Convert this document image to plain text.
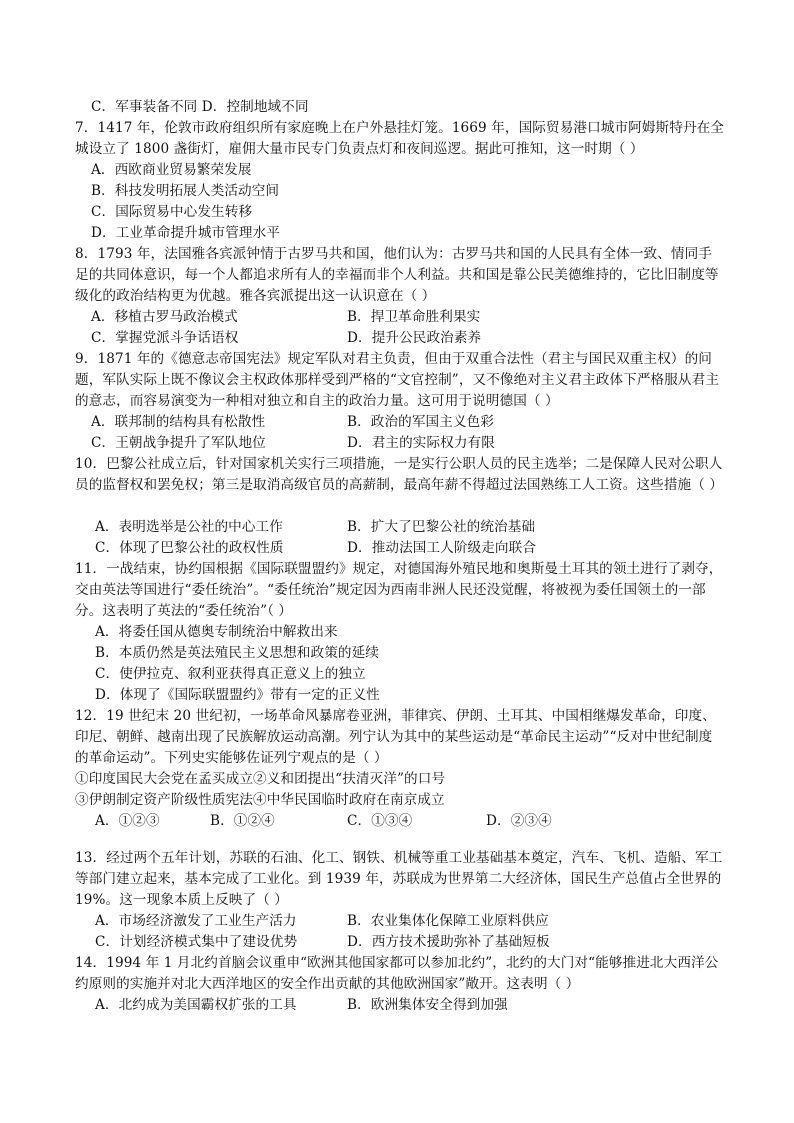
C．军事装备不同 D．控制地域不同
7．1417 年，伦敦市政府组织所有家庭晚上在户外悬挂灯笼。1669 年，国际贸易港口城市阿姆斯特丹在全城设立了 1800 盏街灯，雇佣大量市民专门负责点灯和夜间巡逻。据此可推知，这一时期（ ）
A．西欧商业贸易繁荣发展
B．科技发明拓展人类活动空间
C．国际贸易中心发生转移
D．工业革命提升城市管理水平
8．1793 年，法国雅各宾派钟情于古罗马共和国，他们认为：古罗马共和国的人民具有全体一致、情同手足的共同体意识，每一个人都追求所有人的幸福而非个人利益。共和国是靠公民美德维持的，它比旧制度等级化的政治结构更为优越。雅各宾派提出这一认识意在（ ）
A．移植古罗马政治模式	B．捍卫革命胜利果实
C．掌握党派斗争话语权	D．提升公民政治素养
9．1871 年的《德意志帝国宪法》规定军队对君主负责，但由于双重合法性（君主与国民双重主权）的问题，军队实际上既不像议会主权政体那样受到严格的“文官控制”，又不像绝对主义君主政体下严格服从君主的意志，而容易演变为一种相对独立和自主的政治力量。这可用于说明德国（ ）
A．联邦制的结构具有松散性	B．政治的军国主义色彩
C．王朝战争提升了军队地位	D．君主的实际权力有限
10．巴黎公社成立后，针对国家机关实行三项措施，一是实行公职人员的民主选举；二是保障人民对公职人员的监督权和罢免权；第三是取消高级官员的高薪制，最高年薪不得超过法国熟练工人工资。这些措施（ ）
A．表明选举是公社的中心工作	B．扩大了巴黎公社的统治基础
C．体现了巴黎公社的政权性质	D．推动法国工人阶级走向联合
11．一战结束，协约国根据《国际联盟盟约》规定，对德国海外殖民地和奥斯曼土耳其的领土进行了剥夺，交由英法等国进行“委任统治”。“委任统治”规定因为西南非洲人民还没觉醒，将被视为委任国领土的一部分。这表明了英法的“委任统治”（ ）
A．将委任国从德奥专制统治中解救出来
B．本质仍然是英法殖民主义思想和政策的延续
C．使伊拉克、叙利亚获得真正意义上的独立
D．体现了《国际联盟盟约》带有一定的正义性
12．19 世纪末 20 世纪初，一场革命风暴席卷亚洲，菲律宾、伊朗、土耳其、中国相继爆发革命，印度、印尼、朝鲜、越南出现了民族解放运动高潮。列宁认为其中的某些运动是“革命民主运动”“反对中世纪制度的革命运动”。下列史实能够佐证列宁观点的是（ ）
①印度国民大会党在孟买成立②义和团提出“扶清灭洋”的口号
③伊朗制定资产阶级性质宪法④中华民国临时政府在南京成立
A．①②③	B．①②④	C．①③④	D．②③④
13．经过两个五年计划，苏联的石油、化工、钢铁、机械等重工业基础基本奠定，汽车、飞机、造船、军工等部门建立起来，基本完成了工业化。到 1939 年，苏联成为世界第二大经济体，国民生产总值占全世界的 19%。这一现象本质上反映了（ ）
A．市场经济激发了工业生产活力	B．农业集体化保障工业原料供应
C．计划经济模式集中了建设优势	D．西方技术援助弥补了基础短板
14．1994 年 1 月北约首脑会议重申“欧洲其他国家都可以参加北约”，北约的大门对“能够推进北大西洋公约原则的实施并对北大西洋地区的安全作出贡献的其他欧洲国家”敞开。这表明（ ）
A．北约成为美国霸权扩张的工具	B．欧洲集体安全得到加强
